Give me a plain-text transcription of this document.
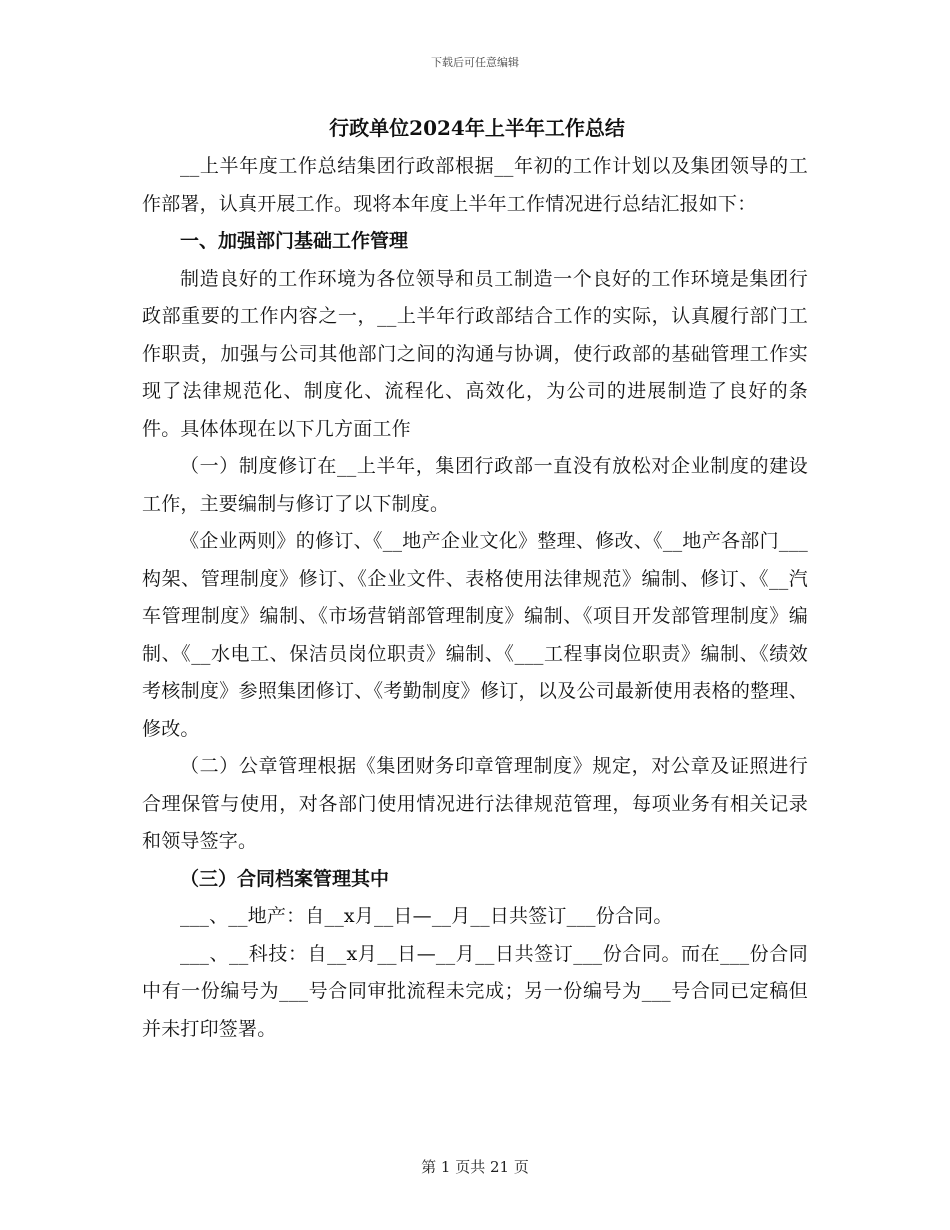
下载后可任意编辑
行政单位2024年上半年工作总结

__上半年度工作总结集团行政部根据__年初的工作计划以及集团领导的工作部署，认真开展工作。现将本年度上半年工作情况进行总结汇报如下：

一、加强部门基础工作管理

制造良好的工作环境为各位领导和员工制造一个良好的工作环境是集团行政部重要的工作内容之一，__上半年行政部结合工作的实际，认真履行部门工作职责，加强与公司其他部门之间的沟通与协调，使行政部的基础管理工作实现了法律规范化、制度化、流程化、高效化，为公司的进展制造了良好的条件。具体体现在以下几方面工作

（一）制度修订在__上半年，集团行政部一直没有放松对企业制度的建设工作，主要编制与修订了以下制度。

《企业两则》的修订、《__地产企业文化》整理、修改、《__地产各部门___构架、管理制度》修订、《企业文件、表格使用法律规范》编制、修订、《__汽车管理制度》编制、《市场营销部管理制度》编制、《项目开发部管理制度》编制、《__水电工、保洁员岗位职责》编制、《___工程事岗位职责》编制、《绩效考核制度》参照集团修订、《考勤制度》修订，以及公司最新使用表格的整理、修改。

（二）公章管理根据《集团财务印章管理制度》规定，对公章及证照进行合理保管与使用，对各部门使用情况进行法律规范管理，每项业务有相关记录和领导签字。

（三）合同档案管理其中

___、__地产：自__x月__日—__月__日共签订___份合同。

___、__科技：自__x月__日—__月__日共签订___份合同。而在___份合同中有一份编号为___号合同审批流程未完成；另一份编号为___号合同已定稿但并未打印签署。

第 1 页共 21 页
